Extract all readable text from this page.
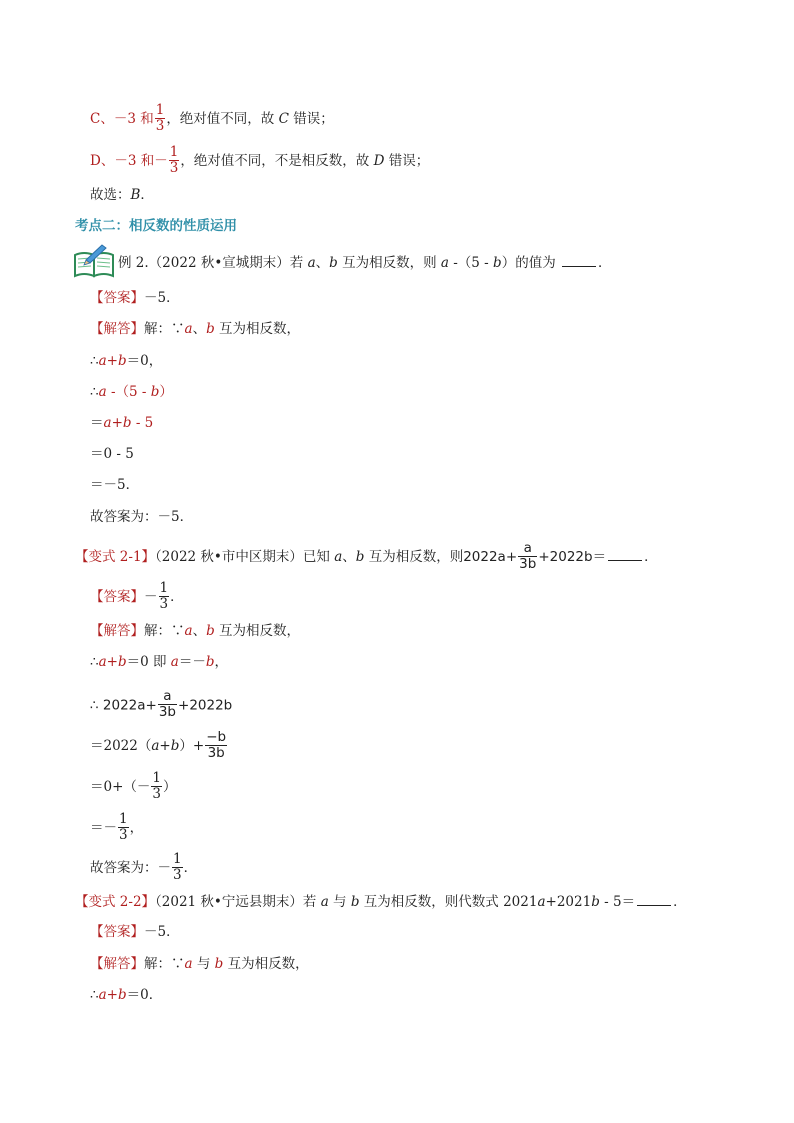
C、－3 和 $\frac{1}{3}$ ，绝对值不同，故 C 错误；
D、－3 和－ $\frac{1}{3}$ ，绝对值不同，不是相反数，故 D 错误；
故选：B．
考点二：相反数的性质运用
例 2.（2022 秋•宣城期末）若 a、b 互为相反数，则 a -（5 - b）的值为	．
【答案】－5．
【解答】解：∵a、b 互为相反数，
∴a+b＝0，
∴a -（5 - b）
＝a+b - 5
＝0 - 5
＝－5．
故答案为：－5．
【变式 2-1】（2022 秋•市中区期末）已知 a、b 互为相反数，则$2022a+ \frac{a}{3b} +2022b=$	．
【答案】－ $\frac{1}{3}$ ．
【解答】解：∵a、b 互为相反数，
∴a+b＝0 即 a＝－b，
∴ $2022a+ \frac{a}{3b} +2022b$
$=2022(a+b)+ \frac{-b}{3b}$
$=0+(- \frac{1}{3}$ ）
＝－ $\frac{1}{3}$ ，
故答案为：－ $\frac{1}{3}$ ．
【变式 2-2】（2021 秋•宁远县期末）若 a 与 b 互为相反数，则代数式 2021a+2021b - 5＝	．
【答案】－5．
【解答】解：∵a 与 b 互为相反数，
∴a+b＝0．
